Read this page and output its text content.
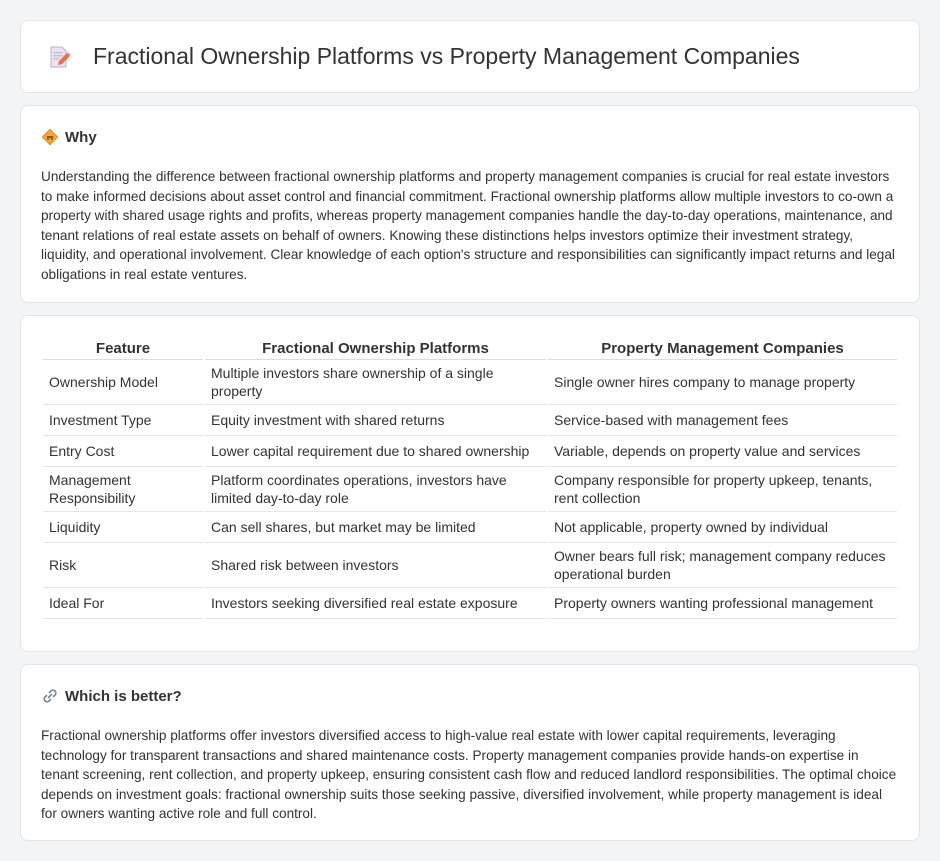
Fractional Ownership Platforms vs Property Management Companies
Why

Understanding the difference between fractional ownership platforms and property management companies is crucial for real estate investors to make informed decisions about asset control and financial commitment. Fractional ownership platforms allow multiple investors to co-own a property with shared usage rights and profits, whereas property management companies handle the day-to-day operations, maintenance, and tenant relations of real estate assets on behalf of owners. Knowing these distinctions helps investors optimize their investment strategy, liquidity, and operational involvement. Clear knowledge of each option's structure and responsibilities can significantly impact returns and legal obligations in real estate ventures.

Feature	Fractional Ownership Platforms	Property Management Companies
Ownership Model	Multiple investors share ownership of a single property	Single owner hires company to manage property
Investment Type	Equity investment with shared returns	Service-based with management fees
Entry Cost	Lower capital requirement due to shared ownership	Variable, depends on property value and services
Management Responsibility	Platform coordinates operations, investors have limited day-to-day role	Company responsible for property upkeep, tenants, rent collection
Liquidity	Can sell shares, but market may be limited	Not applicable, property owned by individual
Risk	Shared risk between investors	Owner bears full risk; management company reduces operational burden
Ideal For	Investors seeking diversified real estate exposure	Property owners wanting professional management
Which is better?

Fractional ownership platforms offer investors diversified access to high-value real estate with lower capital requirements, leveraging technology for transparent transactions and shared maintenance costs. Property management companies provide hands-on expertise in tenant screening, rent collection, and property upkeep, ensuring consistent cash flow and reduced landlord responsibilities. The optimal choice depends on investment goals: fractional ownership suits those seeking passive, diversified involvement, while property management is ideal for owners wanting active role and full control.
